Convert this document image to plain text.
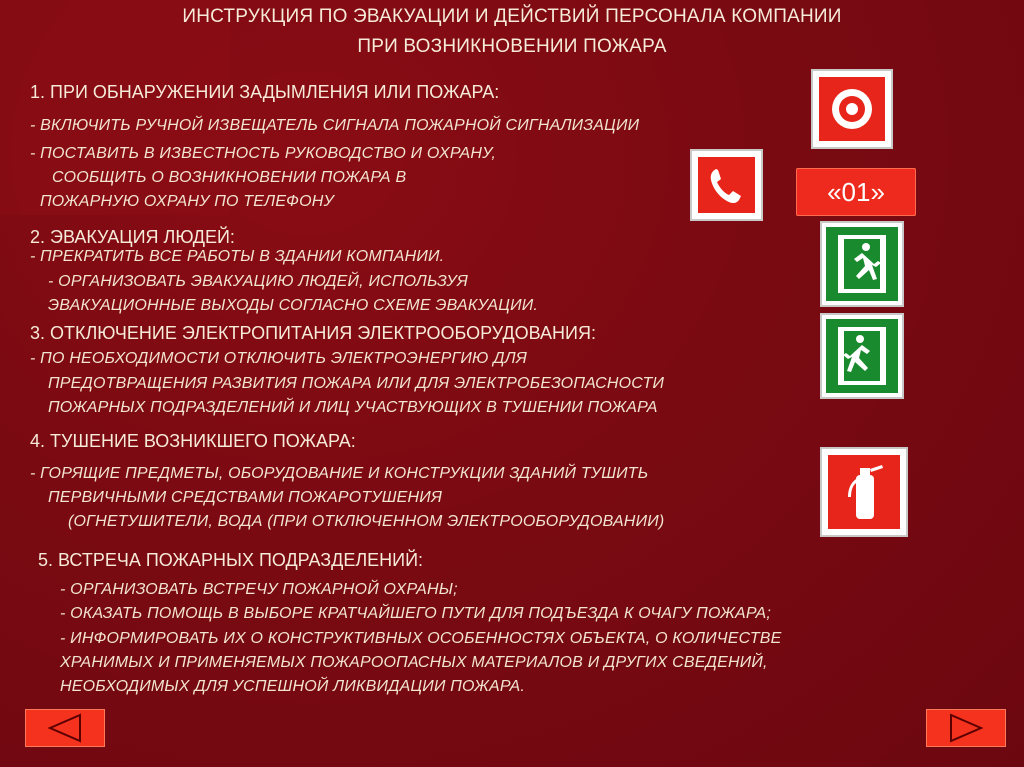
ИНСТРУКЦИЯ ПО ЭВАКУАЦИИ И ДЕЙСТВИЙ ПЕРСОНАЛА КОМПАНИИ
ПРИ ВОЗНИКНОВЕНИИ ПОЖАРА
1. ПРИ ОБНАРУЖЕНИИ ЗАДЫМЛЕНИЯ ИЛИ ПОЖАРА:
- ВКЛЮЧИТЬ РУЧНОЙ ИЗВЕЩАТЕЛЬ СИГНАЛА ПОЖАРНОЙ СИГНАЛИЗАЦИИ
- ПОСТАВИТЬ В ИЗВЕСТНОСТЬ РУКОВОДСТВО И ОХРАНУ,
СООБЩИТЬ О ВОЗНИКНОВЕНИИ ПОЖАРА В
ПОЖАРНУЮ ОХРАНУ ПО ТЕЛЕФОНУ
2. ЭВАКУАЦИЯ ЛЮДЕЙ:
- ПРЕКРАТИТЬ ВСЕ РАБОТЫ В ЗДАНИИ КОМПАНИИ.
- ОРГАНИЗОВАТЬ ЭВАКУАЦИЮ ЛЮДЕЙ, ИСПОЛЬЗУЯ
ЭВАКУАЦИОННЫЕ ВЫХОДЫ СОГЛАСНО СХЕМЕ ЭВАКУАЦИИ.
3. ОТКЛЮЧЕНИЕ ЭЛЕКТРОПИТАНИЯ ЭЛЕКТРООБОРУДОВАНИЯ:
- ПО НЕОБХОДИМОСТИ ОТКЛЮЧИТЬ ЭЛЕКТРОЭНЕРГИЮ ДЛЯ
ПРЕДОТВРАЩЕНИЯ РАЗВИТИЯ ПОЖАРА ИЛИ ДЛЯ ЭЛЕКТРОБЕЗОПАСНОСТИ
ПОЖАРНЫХ ПОДРАЗДЕЛЕНИЙ И ЛИЦ УЧАСТВУЮЩИХ В ТУШЕНИИ ПОЖАРА
4. ТУШЕНИЕ ВОЗНИКШЕГО ПОЖАРА:
- ГОРЯЩИЕ ПРЕДМЕТЫ, ОБОРУДОВАНИЕ И КОНСТРУКЦИИ ЗДАНИЙ ТУШИТЬ
ПЕРВИЧНЫМИ СРЕДСТВАМИ ПОЖАРОТУШЕНИЯ
(ОГНЕТУШИТЕЛИ, ВОДА (ПРИ ОТКЛЮЧЕННОМ ЭЛЕКТРООБОРУДОВАНИИ)
5. ВСТРЕЧА ПОЖАРНЫХ ПОДРАЗДЕЛЕНИЙ:
- ОРГАНИЗОВАТЬ ВСТРЕЧУ ПОЖАРНОЙ ОХРАНЫ;
- ОКАЗАТЬ ПОМОЩЬ В ВЫБОРЕ КРАТЧАЙШЕГО ПУТИ ДЛЯ ПОДЪЕЗДА К ОЧАГУ ПОЖАРА;
- ИНФОРМИРОВАТЬ ИХ О КОНСТРУКТИВНЫХ ОСОБЕННОСТЯХ ОБЪЕКТА, О КОЛИЧЕСТВЕ
ХРАНИМЫХ И ПРИМЕНЯЕМЫХ ПОЖАРООПАСНЫХ МАТЕРИАЛОВ И ДРУГИХ СВЕДЕНИЙ,
НЕОБХОДИМЫХ ДЛЯ УСПЕШНОЙ ЛИКВИДАЦИИ ПОЖАРА.
«01»
